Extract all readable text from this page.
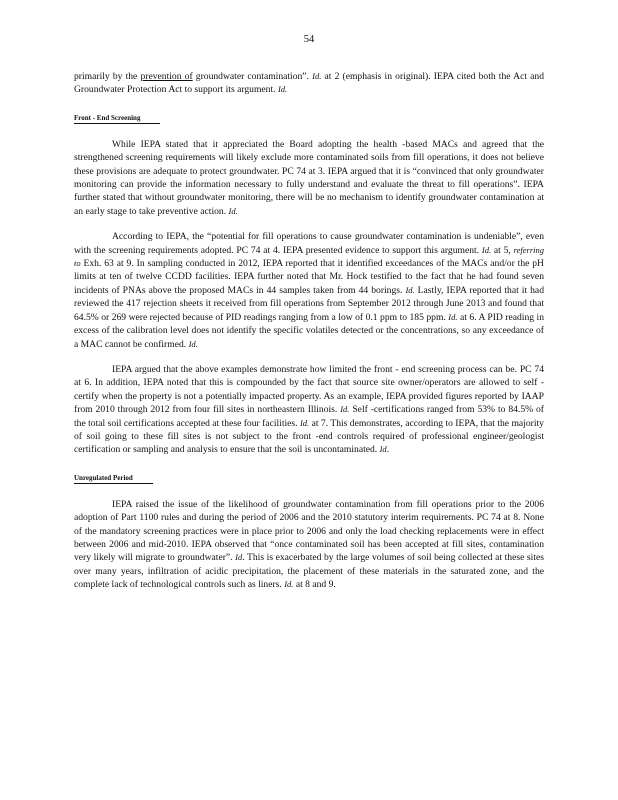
54

primarily by the prevention of groundwater contamination”. Id. at 2 (emphasis in original). IEPA cited both the Act and Groundwater Protection Act to support its argument. Id.

Front - End Screening

While IEPA stated that it appreciated the Board adopting the health -based MACs and agreed that the strengthened screening requirements will likely exclude more contaminated soils from fill operations, it does not believe these provisions are adequate to protect groundwater. PC 74 at 3. IEPA argued that it is “convinced that only groundwater monitoring can provide the information necessary to fully understand and evaluate the threat to fill operations”. IEPA further stated that without groundwater monitoring, there will be no mechanism to identify groundwater contamination at an early stage to take preventive action. Id.

According to IEPA, the “potential for fill operations to cause groundwater contamination is undeniable”, even with the screening requirements adopted. PC 74 at 4. IEPA presented evidence to support this argument. Id. at 5, referring to Exh. 63 at 9. In sampling conducted in 2012, IEPA reported that it identified exceedances of the MACs and/or the pH limits at ten of twelve CCDD facilities. IEPA further noted that Mr. Hock testified to the fact that he had found seven incidents of PNAs above the proposed MACs in 44 samples taken from 44 borings. Id. Lastly, IEPA reported that it had reviewed the 417 rejection sheets it received from fill operations from September 2012 through June 2013 and found that 64.5% or 269 were rejected because of PID readings ranging from a low of 0.1 ppm to 185 ppm. Id. at 6. A PID reading in excess of the calibration level does not identify the specific volatiles detected or the concentrations, so any exceedance of a MAC cannot be confirmed. Id.

IEPA argued that the above examples demonstrate how limited the front - end screening process can be. PC 74 at 6. In addition, IEPA noted that this is compounded by the fact that source site owner/operators are allowed to self - certify when the property is not a potentially impacted property. As an example, IEPA provided figures reported by IAAP from 2010 through 2012 from four fill sites in northeastern Illinois. Id. Self -certifications ranged from 53% to 84.5% of the total soil certifications accepted at these four facilities. Id. at 7. This demonstrates, according to IEPA, that the majority of soil going to these fill sites is not subject to the front -end controls required of professional engineer/geologist certification or sampling and analysis to ensure that the soil is uncontaminated. Id.

Unregulated Period

IEPA raised the issue of the likelihood of groundwater contamination from fill operations prior to the 2006 adoption of Part 1100 rules and during the period of 2006 and the 2010 statutory interim requirements. PC 74 at 8. None of the mandatory screening practices were in place prior to 2006 and only the load checking replacements were in effect between 2006 and mid-2010. IEPA observed that “once contaminated soil has been accepted at fill sites, contamination very likely will migrate to groundwater”. Id. This is exacerbated by the large volumes of soil being collected at these sites over many years, infiltration of acidic precipitation, the placement of these materials in the saturated zone, and the complete lack of technological controls such as liners. Id. at 8 and 9.
